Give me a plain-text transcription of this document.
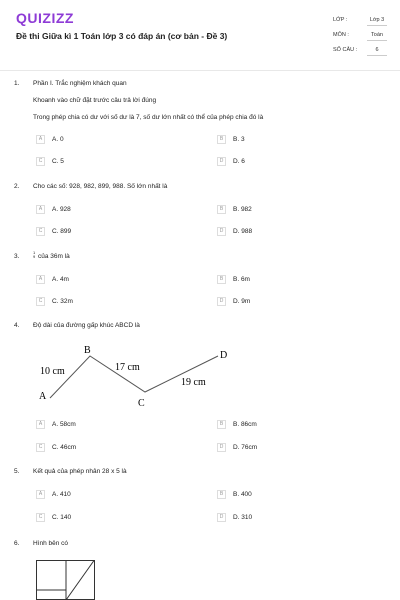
QUIZIZZ
Đề thi Giữa kì 1 Toán lớp 3 có đáp án (cơ bản - Đề 3)
LỚP :	Lớp 3
MÔN :	Toán
SỐ CÂU :	6
1. Phần I. Trắc nghiệm khách quan
Khoanh vào chữ đặt trước câu trả lời đúng
Trong phép chia có dư với số dư là 7, số dư lớn nhất có thể của phép chia đó là
A	A. 0	B	B. 3
C	C. 5	D	D. 6
2. Cho các số: 928, 982, 899, 988. Số lớn nhất là
A	A. 928	B	B. 982
C	C. 899	D	D. 988
3.
1
9 của 36m là
A	A. 4m	B	B. 6m
C	C. 32m	D	D. 9m
4. Độ dài của đường gấp khúc ABCD là
A
B
C
D
10 cm	17 cm
19 cm
A	A. 58cm	B	B. 86cm
C	C. 46cm	D	D. 76cm
5. Kết quả của phép nhân 28 x 5 là
A	A. 410	B	B. 400
C	C. 140	D	D. 310
6. Hình bên có
